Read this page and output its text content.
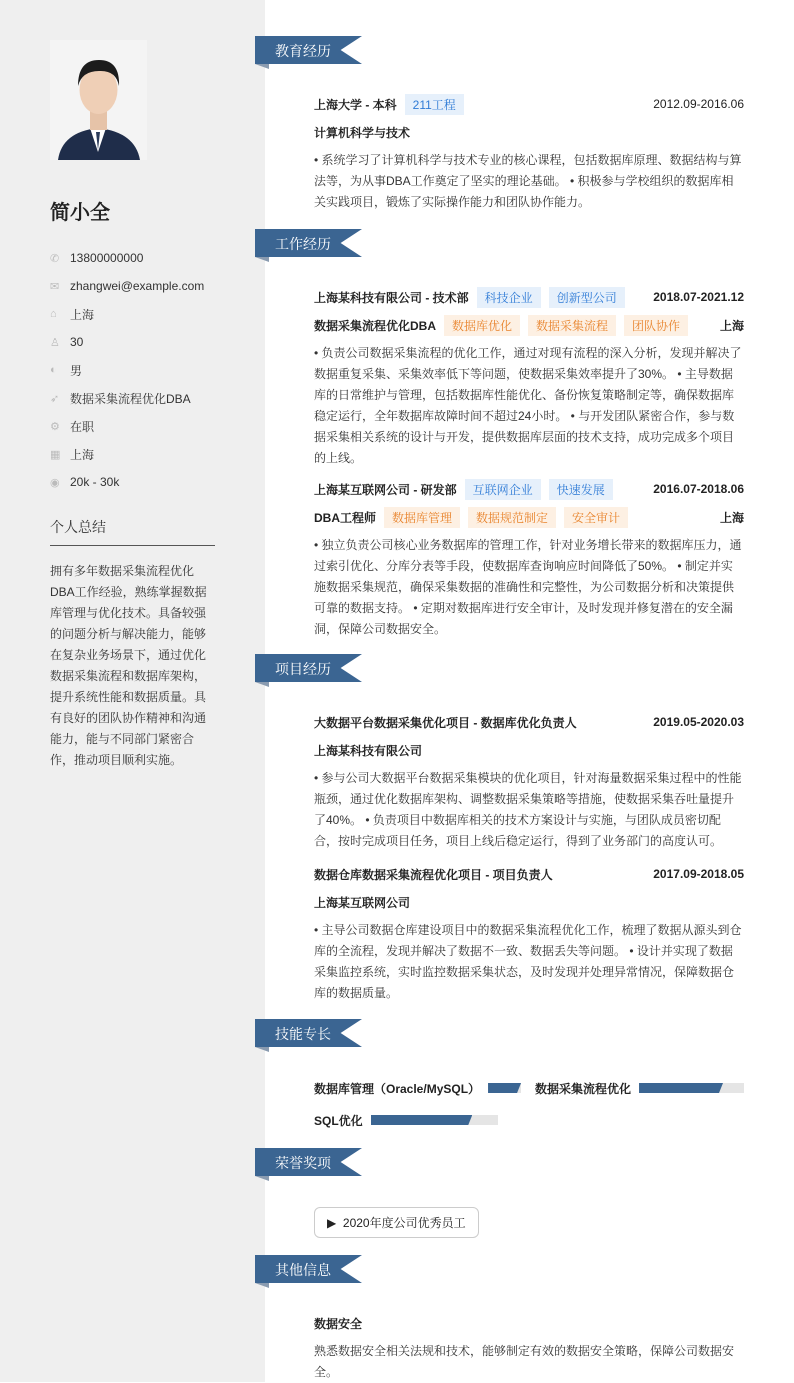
简小全
✆ 13800000000
✉ zhangwei@example.com
⌂	上海
♙ 30
◐	男
➶ 数据采集流程优化DBA
⚙ 在职
▦ 上海
◉ 20k - 30k
个人总结
拥有多年数据采集流程优化DBA工作经验，熟练掌握数据库管理与优化技术。具备较强的问题分析与解决能力，能够在复杂业务场景下，通过优化数据采集流程和数据库架构，提升系统性能和数据质量。具有良好的团队协作精神和沟通能力，能与不同部门紧密合作，推动项目顺利实施。
教育经历
上海大学 - 本科	211工程	2012.09-2016.06
计算机科学与技术
• 系统学习了计算机科学与技术专业的核心课程，包括数据库原理、数据结构与算法等，为从事DBA工作奠定了坚实的理论基础。 • 积极参与学校组织的数据库相关实践项目，锻炼了实际操作能力和团队协作能力。
工作经历
上海某科技有限公司 - 技术部	科技企业	创新型公司	2018.07-2021.12
数据采集流程优化DBA	数据库优化	数据采集流程	团队协作	上海
• 负责公司数据采集流程的优化工作，通过对现有流程的深入分析，发现并解决了数据重复采集、采集效率低下等问题，使数据采集效率提升了30%。 • 主导数据库的日常维护与管理，包括数据库性能优化、备份恢复策略制定等，确保数据库稳定运行，全年数据库故障时间不超过24小时。 • 与开发团队紧密合作，参与数据采集相关系统的设计与开发，提供数据库层面的技术支持，成功完成多个项目的上线。
上海某互联网公司 - 研发部	互联网企业	快速发展	2016.07-2018.06
DBA工程师	数据库管理	数据规范制定	安全审计	上海
• 独立负责公司核心业务数据库的管理工作，针对业务增长带来的数据库压力，通过索引优化、分库分表等手段，使数据库查询响应时间降低了50%。 • 制定并实施数据采集规范，确保采集数据的准确性和完整性，为公司数据分析和决策提供可靠的数据支持。 • 定期对数据库进行安全审计，及时发现并修复潜在的安全漏洞，保障公司数据安全。
项目经历
大数据平台数据采集优化项目 - 数据库优化负责人	2019.05-2020.03
上海某科技有限公司
• 参与公司大数据平台数据采集模块的优化项目，针对海量数据采集过程中的性能瓶颈，通过优化数据库架构、调整数据采集策略等措施，使数据采集吞吐量提升了40%。 • 负责项目中数据库相关的技术方案设计与实施，与团队成员密切配合，按时完成项目任务，项目上线后稳定运行，得到了业务部门的高度认可。
数据仓库数据采集流程优化项目 - 项目负责人	2017.09-2018.05
上海某互联网公司
• 主导公司数据仓库建设项目中的数据采集流程优化工作，梳理了数据从源头到仓库的全流程，发现并解决了数据不一致、数据丢失等问题。 • 设计并实现了数据采集监控系统，实时监控数据采集状态，及时发现并处理异常情况，保障数据仓库的数据质量。
技能专长
数据库管理（Oracle/MySQL）	数据采集流程优化
SQL优化
荣誉奖项
▶ 2020年度公司优秀员工
其他信息
数据安全
熟悉数据安全相关法规和技术，能够制定有效的数据安全策略，保障公司数据安全。
